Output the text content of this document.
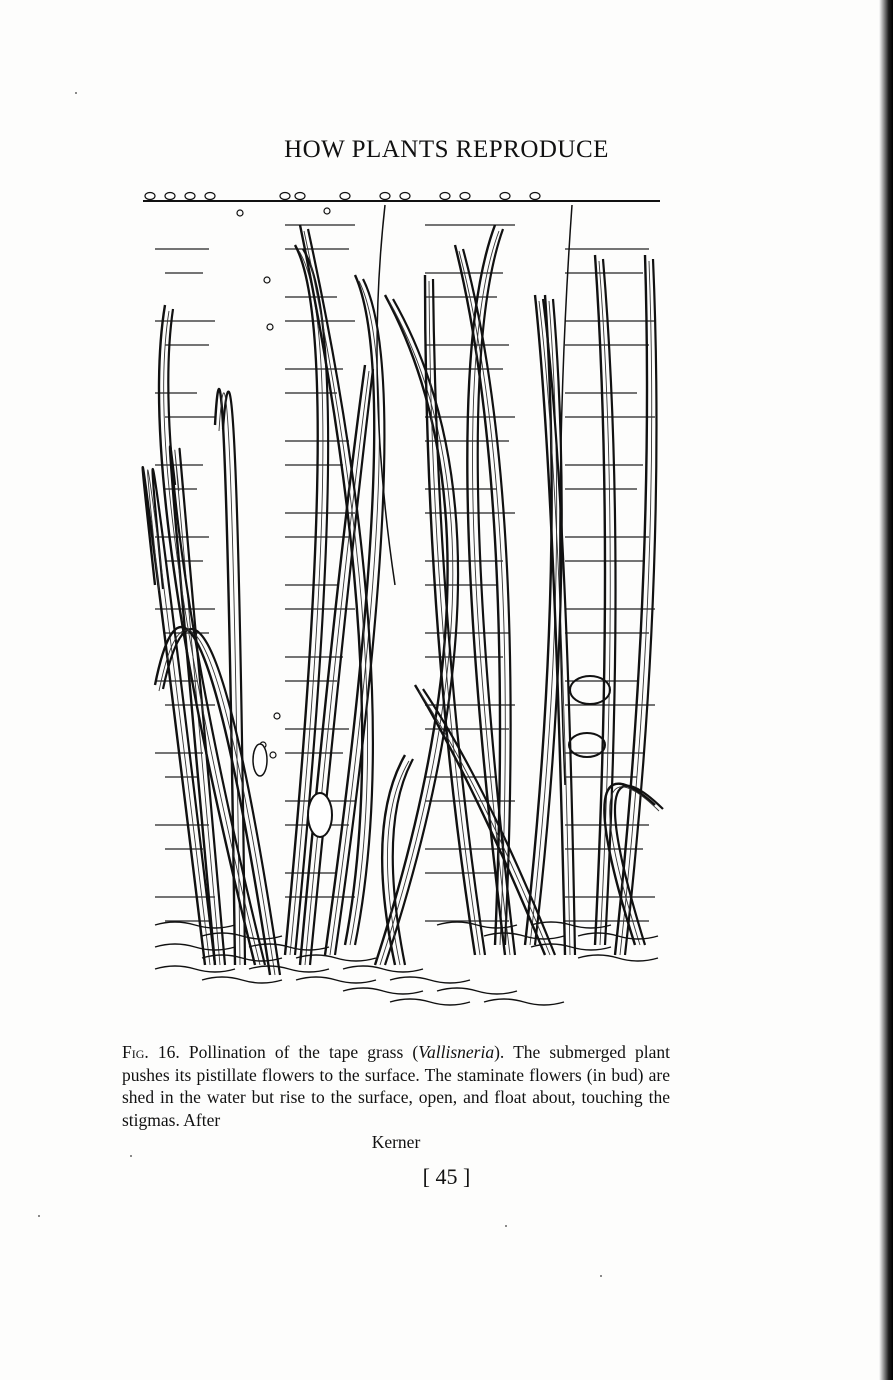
HOW PLANTS REPRODUCE
Fig. 16. Pollination of the tape grass (Vallisneria). The submerged plant pushes its pistillate flowers to the surface. The staminate flowers (in bud) are shed in the water but rise to the surface, open, and float about, touching the stigmas. After
Kerner
[ 45 ]
